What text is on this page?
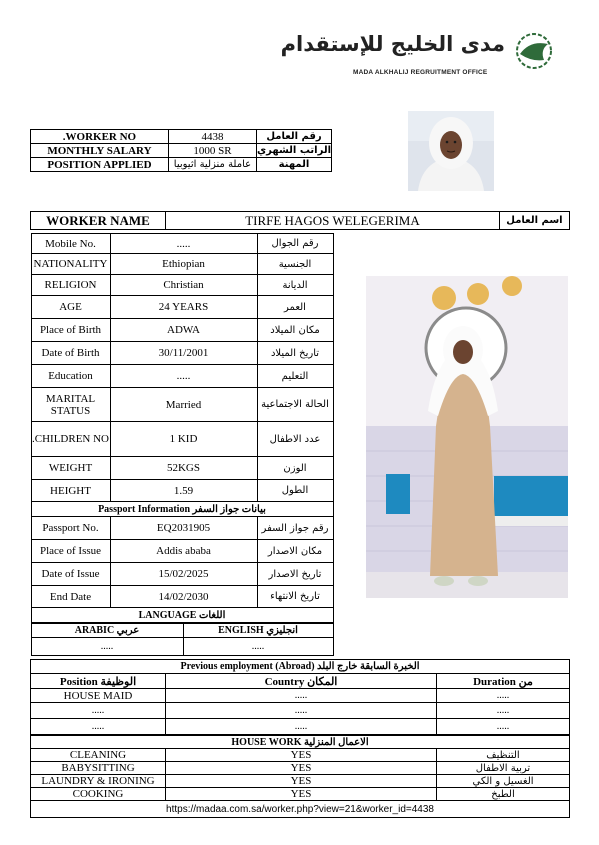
مدى الخليج للإستقدام
MADA ALKHALIJ REGRUITMENT OFFICE
.WORKER NO	4438	رقم العامل
MONTHLY SALARY	1000 SR	الراتب الشهري
POSITION APPLIED	عاملة منزلية اثيوبيا	المهنة
WORKER NAME	TIRFE HAGOS WELEGERIMA	اسم العامل

Mobile No.	.....	رقم الجوال
NATIONALITY	Ethiopian	الجنسية
RELIGION	Christian	الديانة
AGE	24 YEARS	العمر
Place of Birth	ADWA	مكان الميلاد
Date of Birth	30/11/2001	تاريخ الميلاد
Education	.....	التعليم
MARITAL STATUS	Married	الحالة الاجتماعية
.CHILDREN NO	1 KID	عدد الاطفال
WEIGHT	52KGS	الوزن
HEIGHT	1.59	الطول
Passport Information بيانات جواز السفر
Passport No.	EQ2031905	رقم جواز السفر
Place of Issue	Addis ababa	مكان الاصدار
Date of Issue	15/02/2025	تاريخ الاصدار
End Date	14/02/2030	تاريخ الانتهاء
LANGUAGE اللغات
ARABIC عربي	ENGLISH انجليزي
.....	.....

Previous employment (Abroad) الخبرة السابقة خارج البلد		
Position الوظيفة	Country المكان	Duration من
HOUSE MAID	.....	.....
.....	.....	.....
.....	.....	.....
HOUSE WORK الاعمال المنزلية		
CLEANING	YES	التنظيف
BABYSITTING	YES	تربية الاطفال
LAUNDRY & IRONING	YES	الغسيل و الكي
COOKING	YES	الطبخ
https://madaa.com.sa/worker.php?view=21&worker_id=4438		
